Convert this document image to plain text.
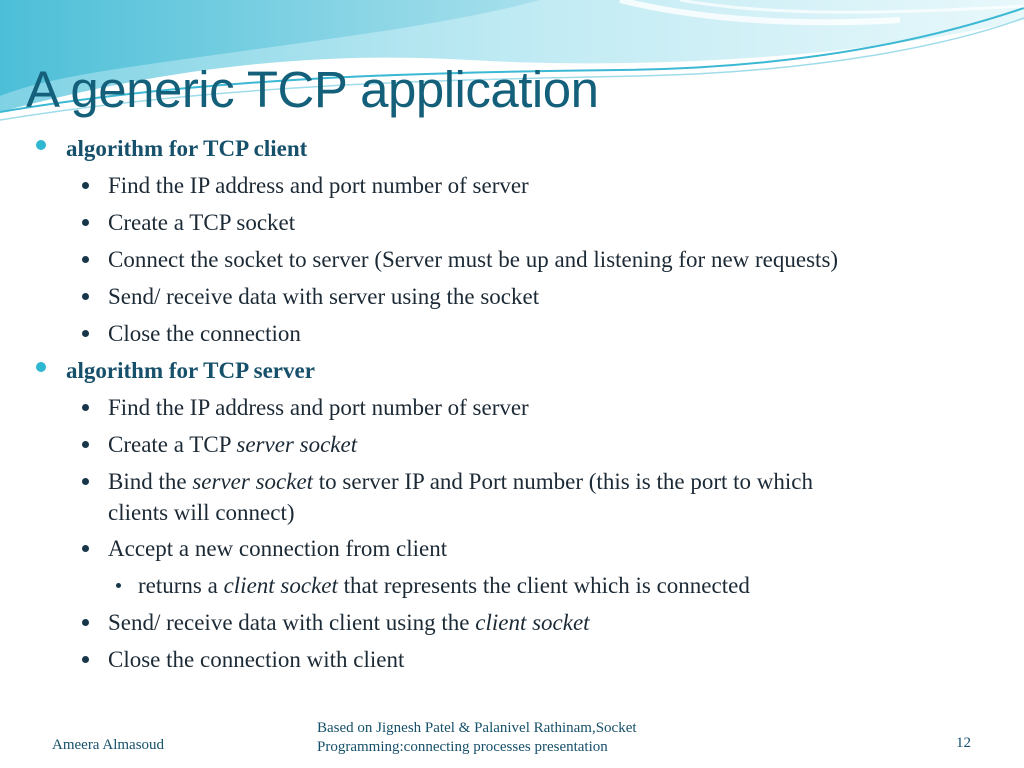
A generic TCP application
algorithm for TCP client
Find the IP address and port number of server
Create a TCP socket
Connect the socket to server (Server must be up and listening for new requests)
Send/ receive data with server using the socket
Close the connection
algorithm for TCP server
Find the IP address and port number of server
Create a TCP server socket
Bind the server socket to server IP and Port number (this is the port to which
clients will connect)
Accept a new connection from client
returns a client socket that represents the client which is connected
Send/ receive data with client using the client socket
Close the connection with client
Ameera Almasoud
Based on Jignesh Patel & Palanivel Rathinam,Socket
Programming:connecting processes presentation	12
